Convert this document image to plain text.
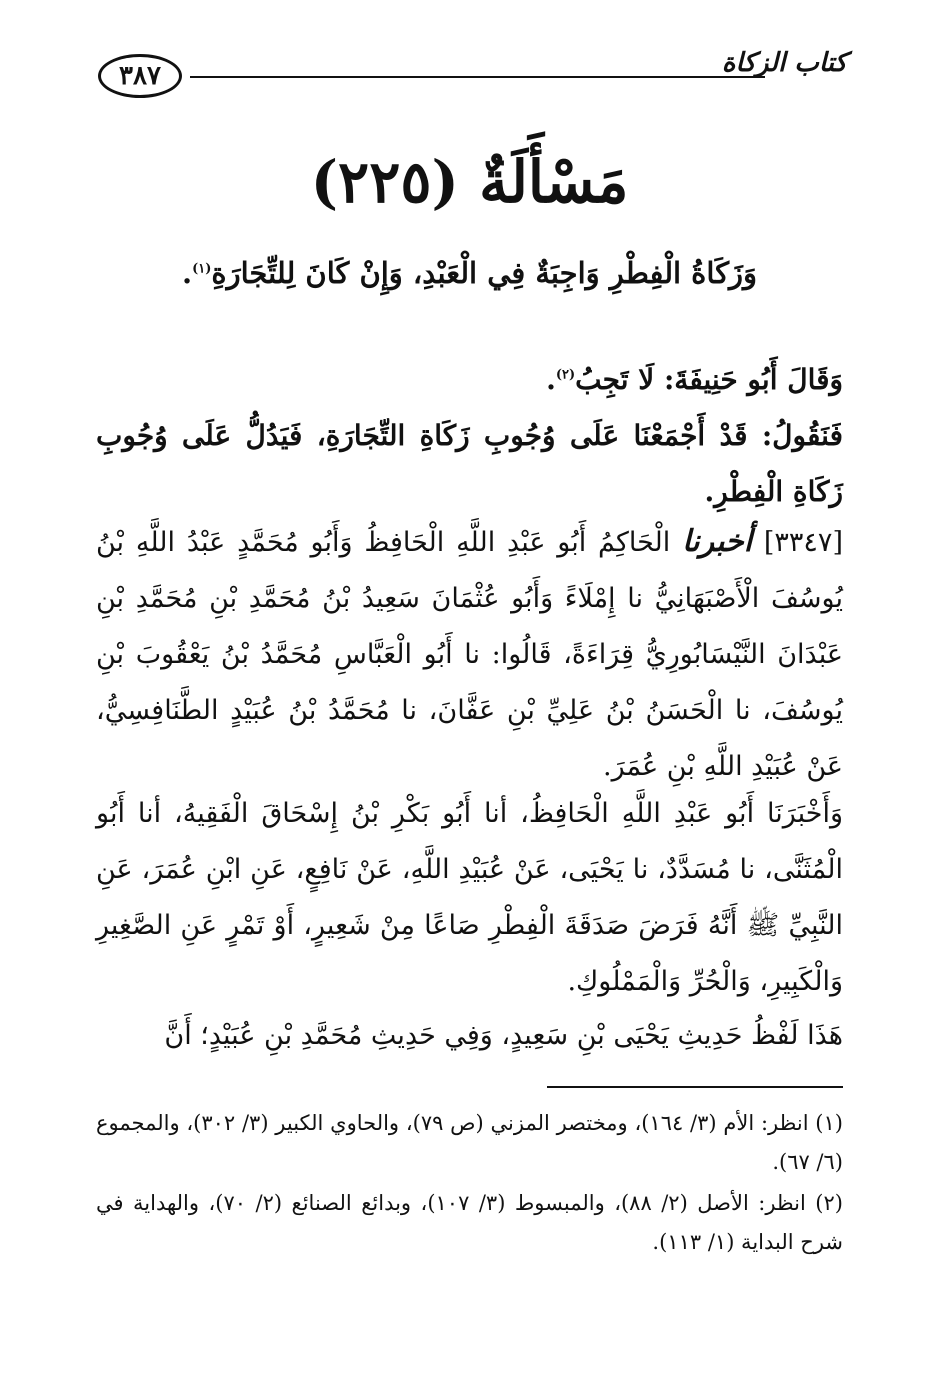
٣٨٧	كتاب الزكاة
مَسْأَلَةٌ (٢٢٥)
وَزَكَاةُ الْفِطْرِ وَاجِبَةٌ فِي الْعَبْدِ، وَإِنْ كَانَ لِلتِّجَارَةِ$^{(١)}$.
وَقَالَ أَبُو حَنِيفَةَ: لَا تَجِبُ$^{(٢)}$.
فَنَقُولُ: قَدْ أَجْمَعْنَا عَلَى وُجُوبِ زَكَاةِ التِّجَارَةِ، فَيَدُلُّ عَلَى وُجُوبِ زَكَاةِ الْفِطْرِ.
[٣٣٤٧] أخبرنا الْحَاكِمُ أَبُو عَبْدِ اللَّهِ الْحَافِظُ وَأَبُو مُحَمَّدٍ عَبْدُ اللَّهِ بْنُ يُوسُفَ الْأَصْبَهَانِيُّ نا إِمْلَاءً وَأَبُو عُثْمَانَ سَعِيدُ بْنُ مُحَمَّدِ بْنِ مُحَمَّدِ بْنِ عَبْدَانَ النَّيْسَابُورِيُّ قِرَاءَةً، قَالُوا: نا أَبُو الْعَبَّاسِ مُحَمَّدُ بْنُ يَعْقُوبَ بْنِ يُوسُفَ، نا الْحَسَنُ بْنُ عَلِيِّ بْنِ عَفَّانَ، نا مُحَمَّدُ بْنُ عُبَيْدٍ الطَّنَافِسِيُّ، عَنْ عُبَيْدِ اللَّهِ بْنِ عُمَرَ.
وَأَخْبَرَنَا أَبُو عَبْدِ اللَّهِ الْحَافِظُ، أنا أَبُو بَكْرِ بْنُ إِسْحَاقَ الْفَقِيهُ، أنا أَبُو الْمُثَنَّى، نا مُسَدَّدٌ، نا يَحْيَى، عَنْ عُبَيْدِ اللَّهِ، عَنْ نَافِعٍ، عَنِ ابْنِ عُمَرَ، عَنِ النَّبِيِّ ﷺ أَنَّهُ فَرَضَ صَدَقَةَ الْفِطْرِ صَاعًا مِنْ شَعِيرٍ، أَوْ تَمْرٍ عَنِ الصَّغِيرِ وَالْكَبِيرِ، وَالْحُرِّ وَالْمَمْلُوكِ.
هَذَا لَفْظُ حَدِيثِ يَحْيَى بْنِ سَعِيدٍ، وَفِي حَدِيثِ مُحَمَّدِ بْنِ عُبَيْدٍ؛ أَنَّ

(١) انظر: الأم (٣/ ١٦٤)، ومختصر المزني (ص ٧٩)، والحاوي الكبير (٣/ ٣٠٢)، والمجموع (٦/ ٦٧).

(٢) انظر: الأصل (٢/ ٨٨)، والمبسوط (٣/ ١٠٧)، وبدائع الصنائع (٢/ ٧٠)، والهداية في شرح البداية (١/ ١١٣).
